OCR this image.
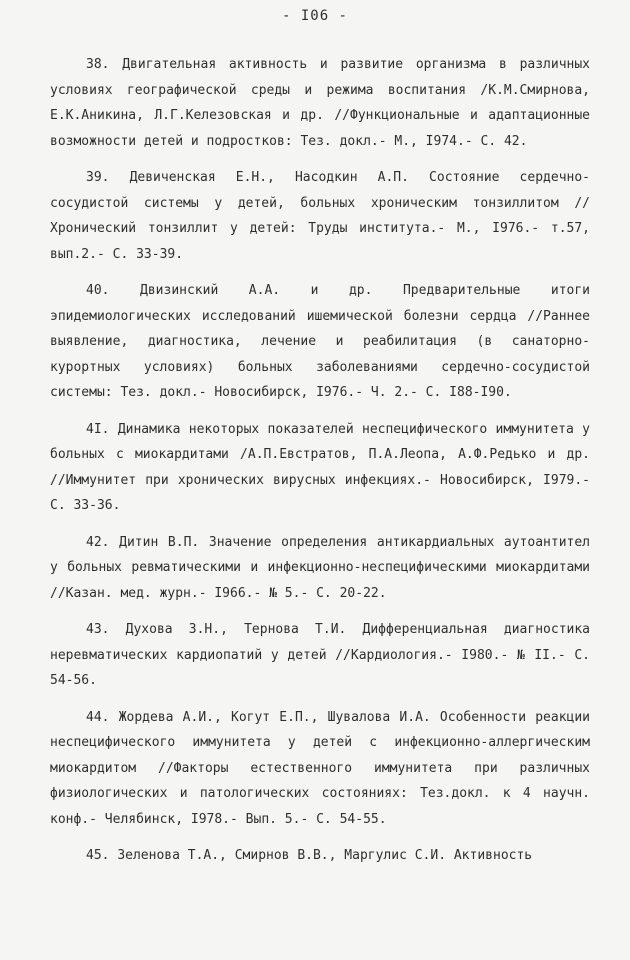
- I06 -

38. Двигательная активность и развитие организма в различных условиях географической среды и режима воспитания /К.М.Смирнова, Е.К.Аникина, Л.Г.Келезовская и др. //Функциональные и адаптационные возможности детей и подростков: Тез. докл.- М., I974.- С. 42.

39. Девиченская Е.Н., Насодкин А.П. Состояние сердечно-сосудистой системы у детей, больных хроническим тонзиллитом //Хронический тонзиллит у детей: Труды института.- М., I976.- т.57, вып.2.- С. 33-39.

40. Двизинский А.А. и др. Предварительные итоги эпидемиологических исследований ишемической болезни сердца //Раннее выявление, диагностика, лечение и реабилитация (в санаторно-курортных условиях) больных заболеваниями сердечно-сосудистой системы: Тез. докл.- Новосибирск, I976.- Ч. 2.- С. I88-I90.

4I. Динамика некоторых показателей неспецифического иммунитета у больных с миокардитами /А.П.Евстратов, П.А.Леопа, А.Ф.Редько и др. //Иммунитет при хронических вирусных инфекциях.- Новосибирск, I979.- С. 33-36.

42. Дитин В.П. Значение определения антикардиальных аутоантител у больных ревматическими и инфекционно-неспецифическими миокардитами //Казан. мед. журн.- I966.- № 5.- С. 20-22.

43. Духова З.Н., Тернова Т.И. Дифференциальная диагностика неревматических кардиопатий у детей //Кардиология.- I980.- № II.- С. 54-56.

44. Жордева А.И., Когут Е.П., Шувалова И.А. Особенности реакции неспецифического иммунитета у детей с инфекционно-аллергическим миокардитом //Факторы естественного иммунитета при различных физиологических и патологических состояниях: Тез.докл. к 4 научн. конф.- Челябинск, I978.- Вып. 5.- С. 54-55.

45. Зеленова Т.А., Смирнов В.В., Маргулис С.И. Активность
